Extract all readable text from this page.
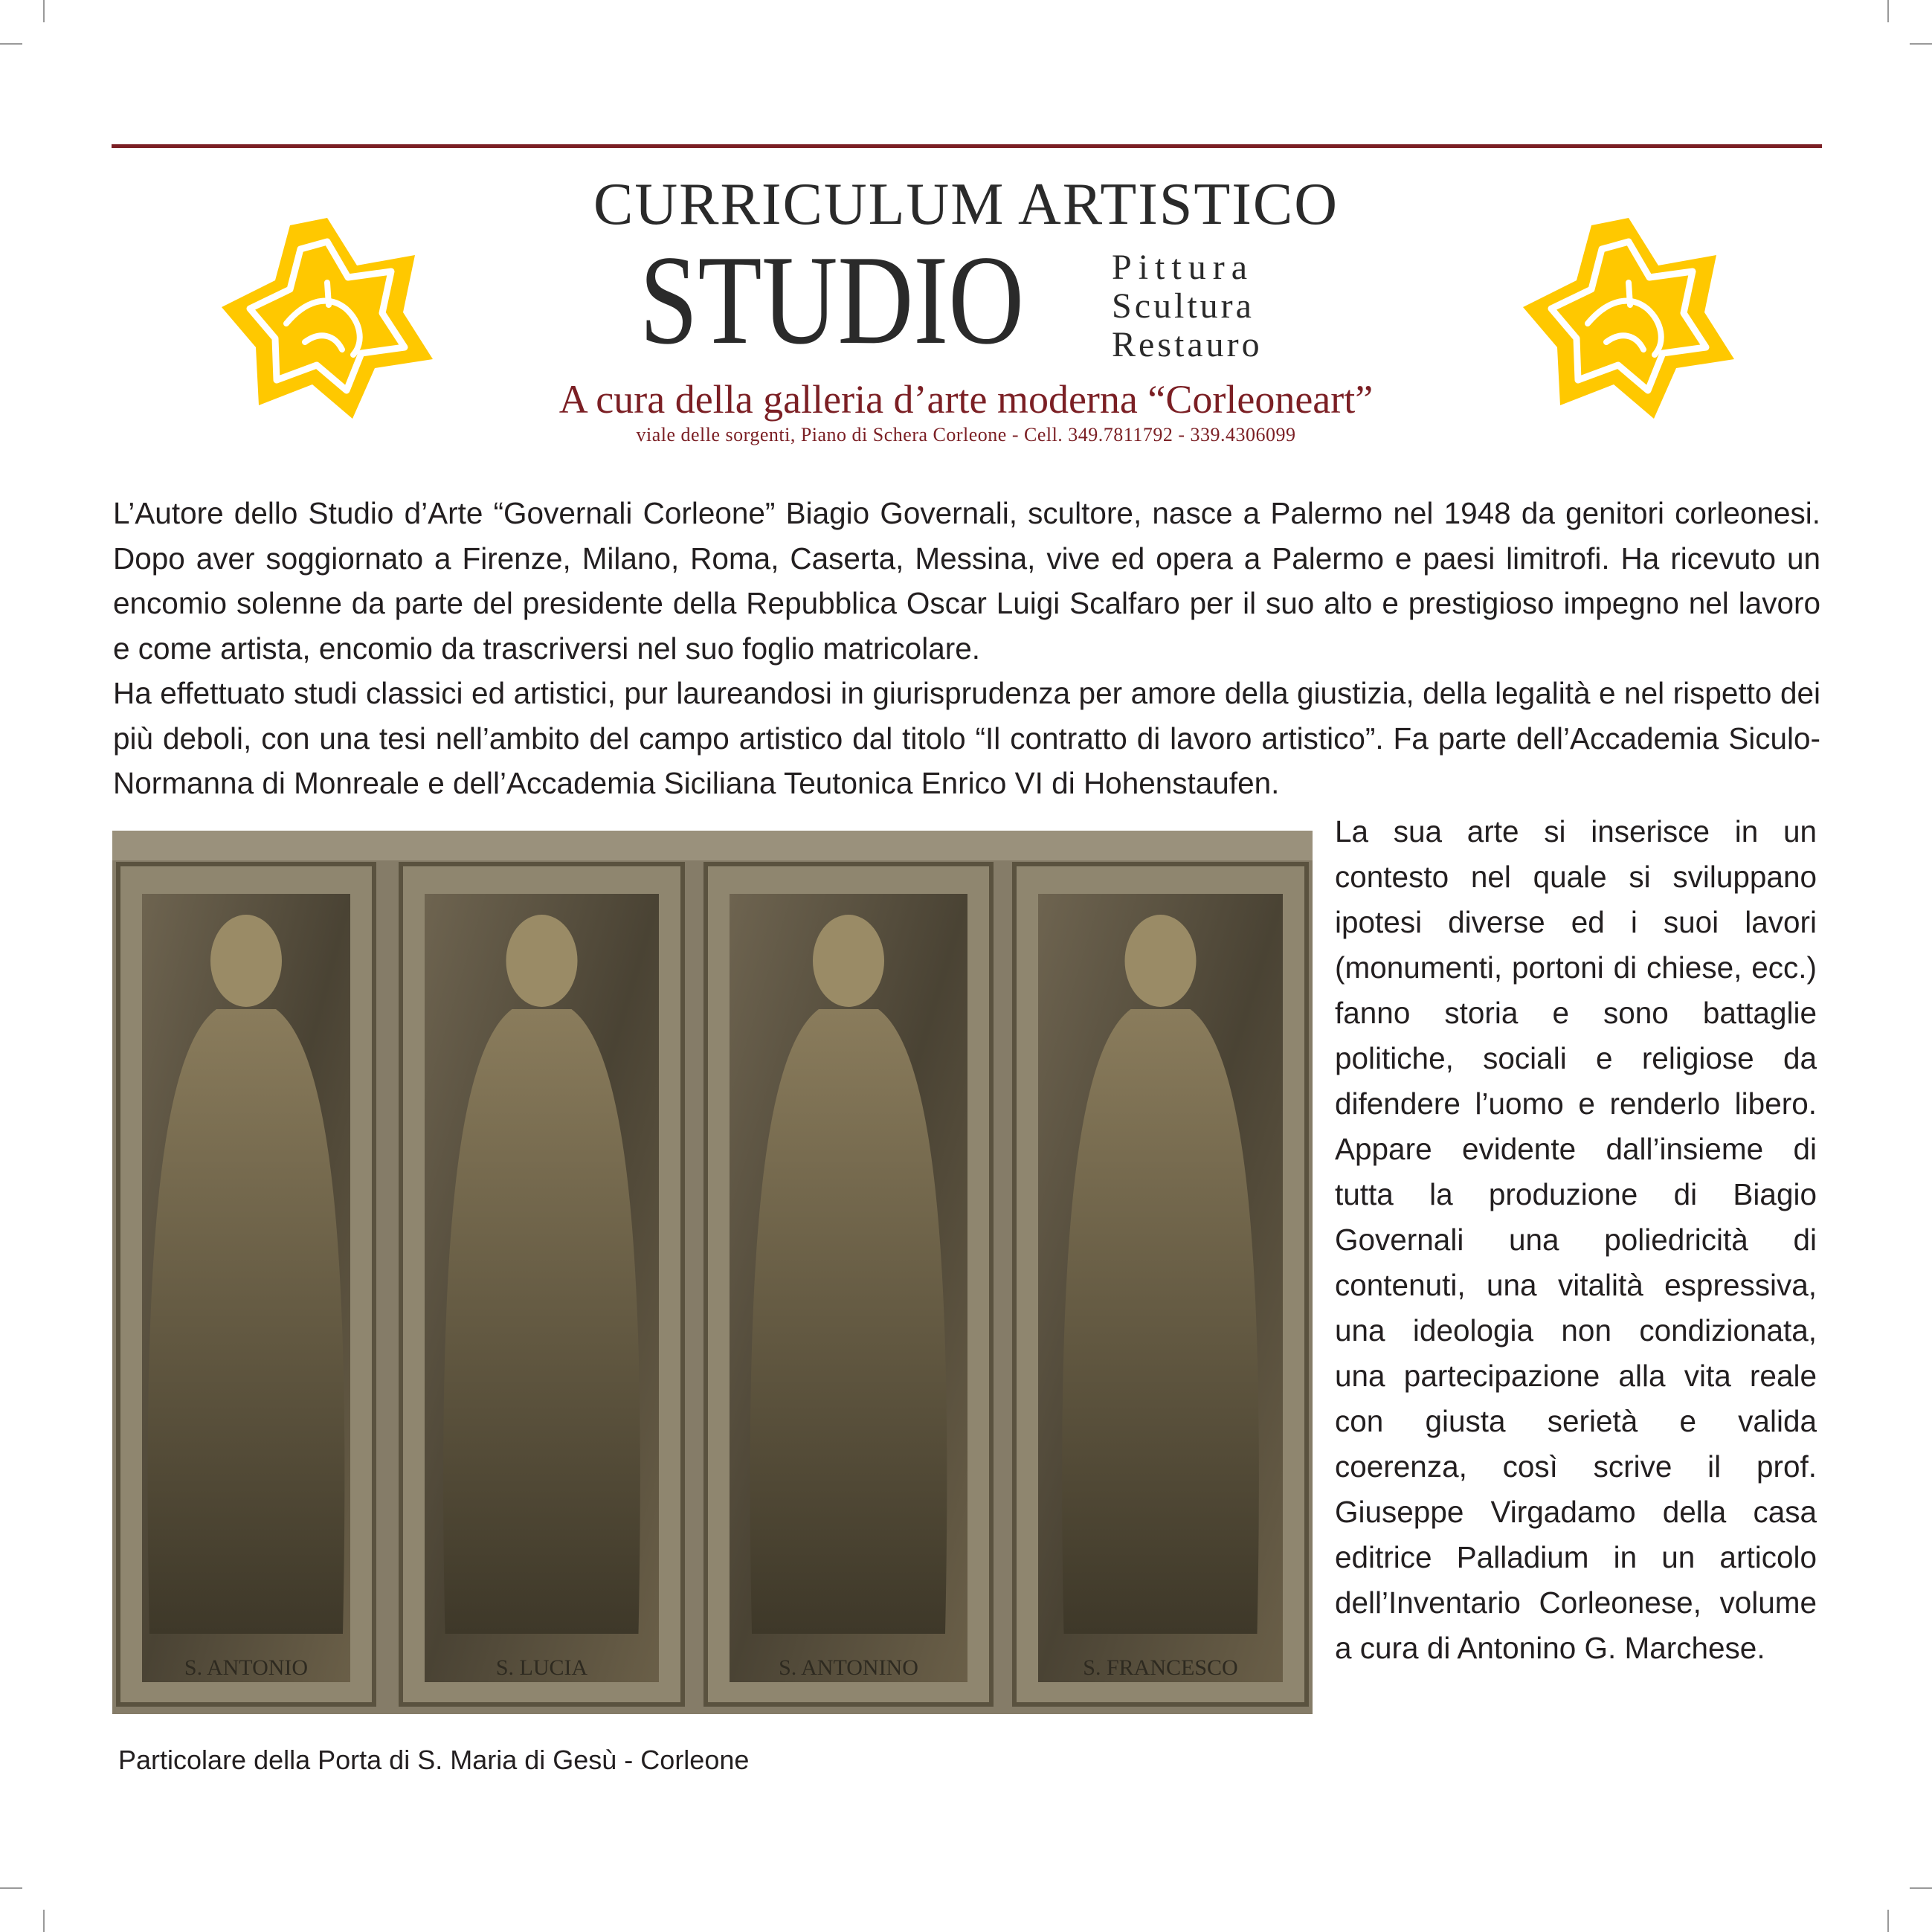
CURRICULUM ARTISTICO
STUDIO Pittura
Scultura
Restauro
A cura della galleria d’arte moderna “Corleoneart”
viale delle sorgenti, Piano di Schera Corleone - Cell. 349.7811792 - 339.4306099

L’Autore dello Studio d’Arte “Governali Corleone” Biagio Governali, scultore, nasce a Palermo nel 1948 da genitori corleonesi. Dopo aver soggiornato a Firenze, Milano, Roma, Caserta, Messina, vive ed opera a Palermo e paesi limitrofi. Ha ricevuto un encomio solenne da parte del presidente della Repubblica Oscar Luigi Scalfaro per il suo alto e prestigioso impegno nel lavoro e come artista, encomio da trascriversi nel suo foglio matricolare.

Ha effettuato studi classici ed artistici, pur laureandosi in giurisprudenza per amore della giustizia, della legalità e nel rispetto dei più deboli, con una tesi nell’ambito del campo artistico dal titolo “Il contratto di lavoro artistico”. Fa parte dell’Accademia Siculo-Normanna di Monreale e dell’Accademia Siciliana Teutonica Enrico VI di Hohenstaufen.

S. ANTONIO	S. LUCIA	S. ANTONINO	S. FRANCESCO
Particolare della Porta di S. Maria di Gesù - Corleone
La sua arte si inserisce in un contesto nel quale si sviluppano ipotesi diverse ed i suoi lavori (monumenti, portoni di chiese, ecc.) fanno storia e sono battaglie politiche, sociali e religiose da difendere l’uomo e renderlo libero. Appare evidente dall’insieme di tutta la produzione di Biagio Governali una poliedricità di contenuti, una vitalità espressiva, una ideologia non condizionata, una partecipazione alla vita reale con giusta serietà e valida coerenza, così scrive il prof. Giuseppe Virgadamo della casa editrice Palladium in un articolo dell’Inventario Corleonese, volume a cura di Antonino G. Marchese.
